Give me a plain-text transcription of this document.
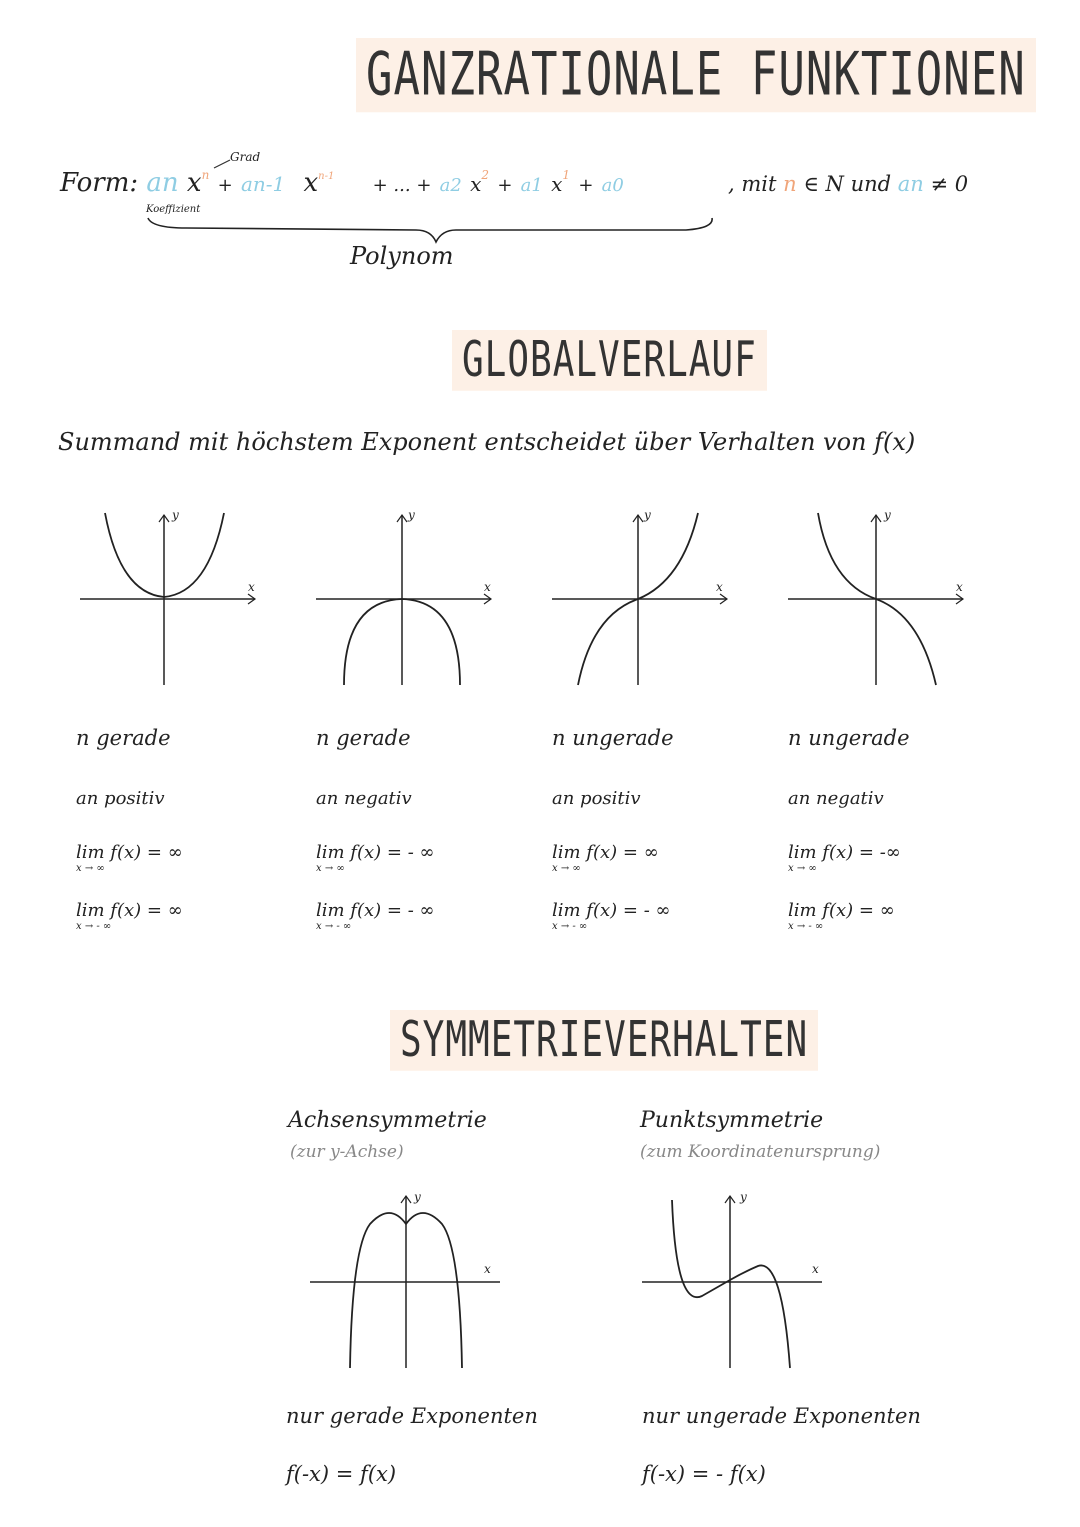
GANZRATIONALE FUNKTIONEN
Grad
Form: an $x^n + an-1$ $x^{n-1}$ + ... + a2 $x^2 + a1$ $x^1 + a0$	, mit n ∈ N und an ≠ 0
Koeffizient
Polynom
GLOBALVERLAUF
Summand mit höchstem Exponent entscheidet über Verhalten von f(x)
y
x
y
x
y
x
y
x
n gerade
an positiv
lim f(x) = ∞
x → ∞
lim f(x) = ∞
x → - ∞
n gerade
an negativ
lim f(x) = - ∞
x → ∞
lim f(x) = - ∞
x → - ∞
n ungerade
an positiv
lim f(x) = ∞
x → ∞
lim f(x) = - ∞
x → - ∞
n ungerade
an negativ
lim f(x) = -∞
x → ∞
lim f(x) = ∞
x → - ∞
SYMMETRIEVERHALTEN
Achsensymmetrie
(zur y-Achse)
y
x
nur gerade Exponenten
f(-x) = f(x)
Punktsymmetrie
(zum Koordinatenursprung)
y
x
nur ungerade Exponenten
f(-x) = - f(x)
